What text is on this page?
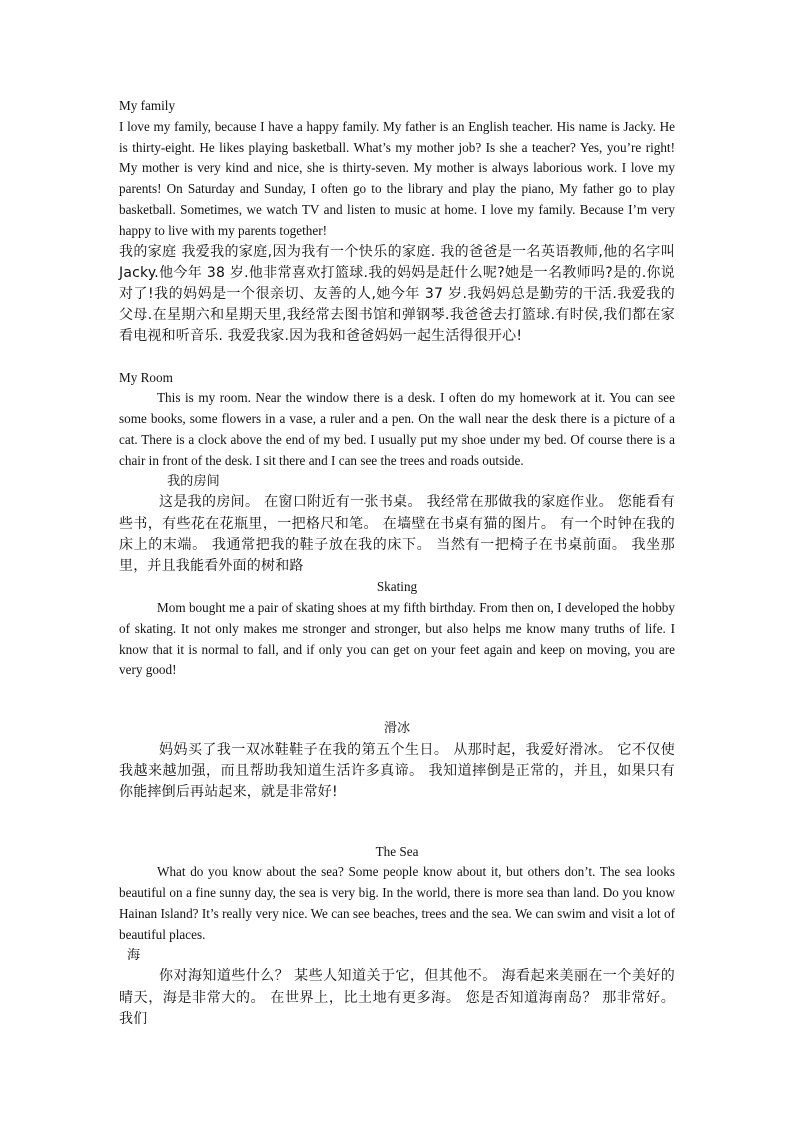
My family

I love my family, because I have a happy family. My father is an English teacher. His name is Jacky. He is thirty-eight. He likes playing basketball. What’s my mother job? Is she a teacher? Yes, you’re right! My mother is very kind and nice, she is thirty-seven. My mother is always laborious work. I love my parents! On Saturday and Sunday, I often go to the library and play the piano, My father go to play basketball. Sometimes, we watch TV and listen to music at home. I love my family. Because I’m very happy to live with my parents together!

我的家庭 我爱我的家庭,因为我有一个快乐的家庭. 我的爸爸是一名英语教师,他的名字叫Jacky.他今年 38 岁.他非常喜欢打篮球.我的妈妈是赶什么呢?她是一名教师吗?是的.你说对了!我的妈妈是一个很亲切、友善的人,她今年 37 岁.我妈妈总是勤劳的干活.我爱我的父母.在星期六和星期天里,我经常去图书馆和弹钢琴.我爸爸去打篮球.有时侯,我们都在家看电视和听音乐. 我爱我家.因为我和爸爸妈妈一起生活得很开心!

My Room

This is my room. Near the window there is a desk. I often do my homework at it. You can see some books, some flowers in a vase, a ruler and a pen. On the wall near the desk there is a picture of a cat. There is a clock above the end of my bed. I usually put my shoe under my bed. Of course there is a chair in front of the desk. I sit there and I can see the trees and roads outside.

我的房间

这是我的房间。 在窗口附近有一张书桌。 我经常在那做我的家庭作业。 您能看有些书，有些花在花瓶里，一把格尺和笔。 在墙壁在书桌有猫的图片。 有一个时钟在我的床上的末端。 我通常把我的鞋子放在我的床下。 当然有一把椅子在书桌前面。 我坐那里，并且我能看外面的树和路

Skating

Mom bought me a pair of skating shoes at my fifth birthday. From then on, I developed the hobby of skating. It not only makes me stronger and stronger, but also helps me know many truths of life. I know that it is normal to fall, and if only you can get on your feet again and keep on moving, you are very good!

滑冰

妈妈买了我一双冰鞋鞋子在我的第五个生日。 从那时起，我爱好滑冰。 它不仅使我越来越加强，而且帮助我知道生活许多真谛。 我知道摔倒是正常的，并且，如果只有你能摔倒后再站起来，就是非常好!

The Sea

What do you know about the sea? Some people know about it, but others don’t. The sea looks beautiful on a fine sunny day, the sea is very big. In the world, there is more sea than land. Do you know Hainan Island? It’s really very nice. We can see beaches, trees and the sea. We can swim and visit a lot of beautiful places.

海

你对海知道些什么？ 某些人知道关于它，但其他不。 海看起来美丽在一个美好的晴天，海是非常大的。 在世界上，比土地有更多海。 您是否知道海南岛？ 那非常好。 我们
